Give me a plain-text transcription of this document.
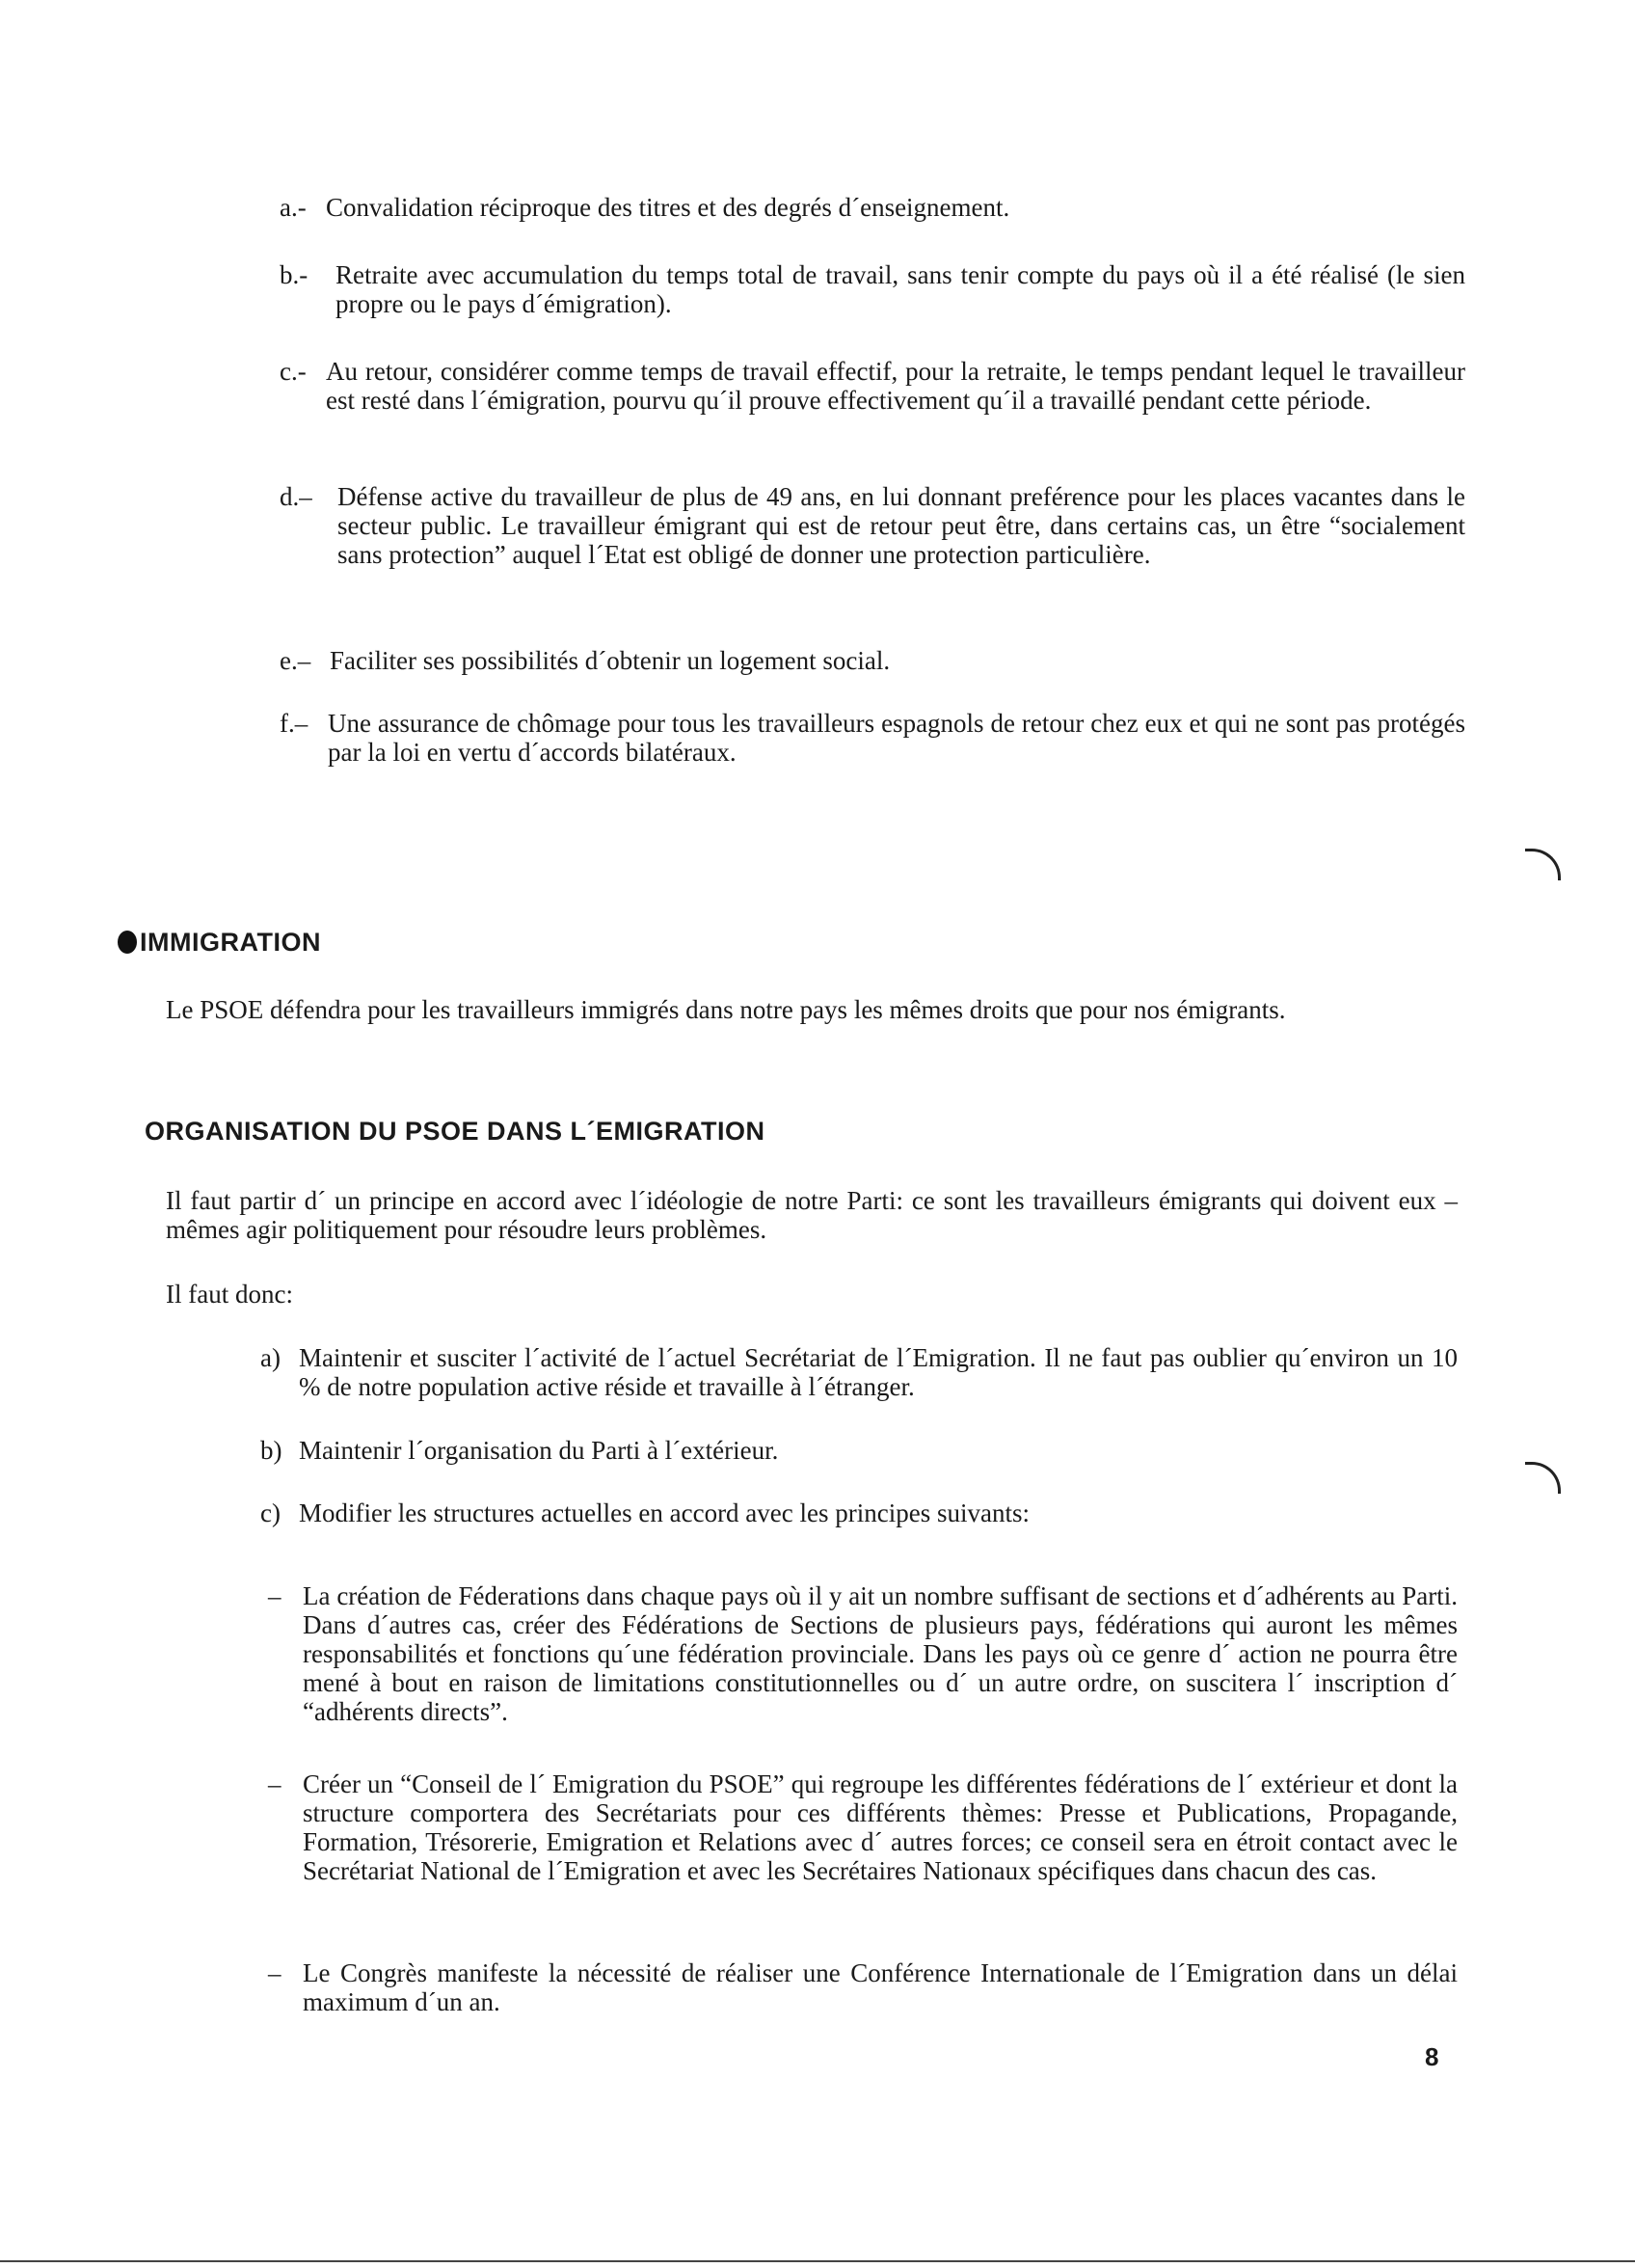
a.- Convalidation réciproque des titres et des degrés d´enseignement.
b.-	Retraite avec accumulation du temps total de travail, sans tenir compte du pays où il a été réalisé (le sien propre ou le pays d´émigration).
c.- Au retour, considérer comme temps de travail effectif, pour la retraite, le temps pendant lequel le travailleur est resté dans l´émigration, pourvu qu´il prouve effectivement qu´il a travaillé pendant cette période.
d.– Défense active du travailleur de plus de 49 ans, en lui donnant preférence pour les places vacantes dans le secteur public. Le travailleur émigrant qui est de retour peut être, dans certains cas, un être “socialement sans protection” auquel l´Etat est obligé de donner une protection particulière.
e.– Faciliter ses possibilités d´obtenir un logement social.
f.– Une assurance de chômage pour tous les travailleurs espagnols de retour chez eux et qui ne sont pas protégés par la loi en vertu d´accords bilatéraux.
IMMIGRATION
Le PSOE défendra pour les travailleurs immigrés dans notre pays les mêmes droits que pour nos émigrants.
ORGANISATION DU PSOE DANS L´EMIGRATION
Il faut partir d´ un principe en accord avec l´idéologie de notre Parti: ce sont les travailleurs émigrants qui doivent eux – mêmes agir politiquement pour résoudre leurs problèmes.
Il faut donc:
a) Maintenir et susciter l´activité de l´actuel Secrétariat de l´Emigration. Il ne faut pas oublier qu´environ un 10 % de notre population active réside et travaille à l´étranger.
b) Maintenir l´organisation du Parti à l´extérieur.
c) Modifier les structures actuelles en accord avec les principes suivants:
– La création de Féderations dans chaque pays où il y ait un nombre suffisant de sections et d´adhérents au Parti. Dans d´autres cas, créer des Fédérations de Sections de plusieurs pays, fédérations qui auront les mêmes responsabilités et fonctions qu´une fédération provinciale. Dans les pays où ce genre d´ action ne pourra être mené à bout en raison de limitations constitutionnelles ou d´ un autre ordre, on suscitera l´ inscription d´ “adhérents directs”.
– Créer un “Conseil de l´ Emigration du PSOE” qui regroupe les différentes fédérations de l´ extérieur et dont la structure comportera des Secrétariats pour ces différents thèmes: Presse et Publications, Propagande, Formation, Trésorerie, Emigration et Relations avec d´ autres forces; ce conseil sera en étroit contact avec le Secrétariat National de l´Emigration et avec les Secrétaires Nationaux spécifiques dans chacun des cas.
– Le Congrès manifeste la nécessité de réaliser une Conférence Internationale de l´Emigration dans un délai maximum d´un an.
8
